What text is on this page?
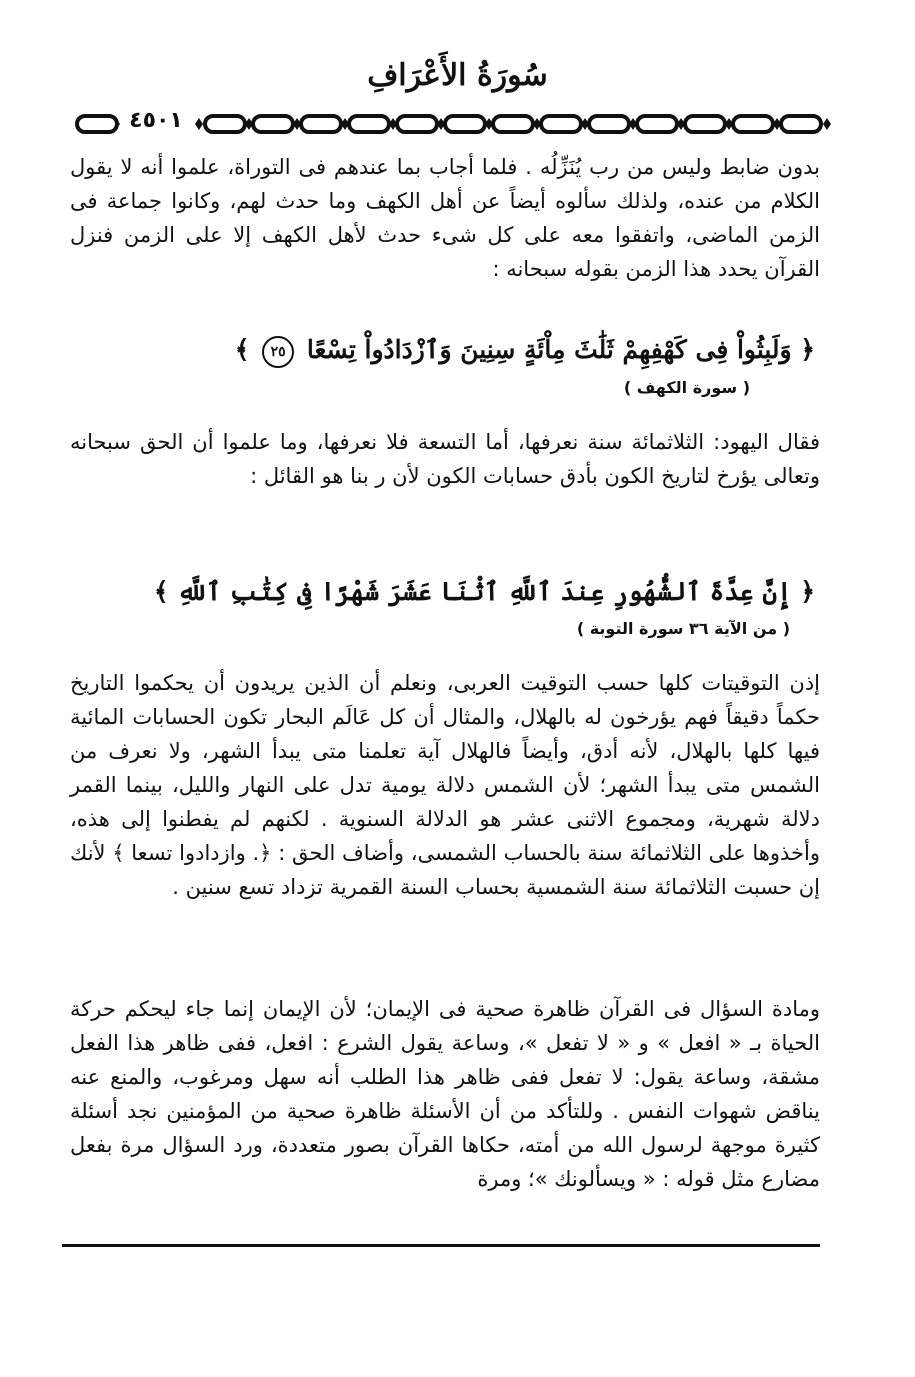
سُورَةُ الأَعْرَافِ
٤٥٠١
بدون ضابط وليس من رب يُنَزِّلُه . فلما أجاب بما عندهم فى التوراة، علموا أنه لا يقول الكلام من عنده، ولذلك سألوه أيضاً عن أهل الكهف وما حدث لهم، وكانوا جماعة فى الزمن الماضى، واتفقوا معه على كل شىء حدث لأهل الكهف إلا على الزمن فنزل القرآن يحدد هذا الزمن بقوله سبحانه :
﴿ وَلَبِثُواْ فِى كَهْفِهِمْ ثَلَٰثَ مِاْئَةٍ سِنِينَ وَٱزْدَادُواْ تِسْعًا ٢٥ ﴾
( سورة الكهف )
فقال اليهود: الثلاثمائة سنة نعرفها، أما التسعة فلا نعرفها، وما علموا أن الحق سبحانه وتعالى يؤرخ لتاريخ الكون بأدق حسابات الكون لأن ر بنا هو القائل :
﴿ إِنَّ عِدَّةَ ٱلشُّهُورِ عِندَ ٱللَّهِ ٱثْنَا عَشَرَ شَهْرًا فِى كِتَٰبِ ٱللَّهِ ﴾
( من الآية ٣٦ سورة التوبة )
إذن التوقيتات كلها حسب التوقيت العربى، ونعلم أن الذين يريدون أن يحكموا التاريخ حكماً دقيقاً فهم يؤرخون له بالهلال، والمثال أن كل عَالَم البحار تكون الحسابات المائية فيها كلها بالهلال، لأنه أدق، وأيضاً فالهلال آية تعلمنا متى يبدأ الشهر، ولا نعرف من الشمس متى يبدأ الشهر؛ لأن الشمس دلالة يومية تدل على النهار والليل، بينما القمر دلالة شهرية، ومجموع الاثنى عشر هو الدلالة السنوية . لكنهم لم يفطنوا إلى هذه، وأخذوها على الثلاثمائة سنة بالحساب الشمسى، وأضاف الحق : ﴿. وازدادوا تسعا ﴾ لأنك إن حسبت الثلاثمائة سنة الشمسية بحساب السنة القمرية تزداد تسع سنين .
ومادة السؤال فى القرآن ظاهرة صحية فى الإيمان؛ لأن الإيمان إنما جاء ليحكم حركة الحياة بـ « افعل » و « لا تفعل »، وساعة يقول الشرع : افعل، ففى ظاهر هذا الفعل مشقة، وساعة يقول: لا تفعل ففى ظاهر هذا الطلب أنه سهل ومرغوب، والمنع عنه يناقض شهوات النفس . وللتأكد من أن الأسئلة ظاهرة صحية من المؤمنين نجد أسئلة كثيرة موجهة لرسول الله من أمته، حكاها القرآن بصور متعددة، ورد السؤال مرة بفعل مضارع مثل قوله : « ويسألونك »؛ ومرة
